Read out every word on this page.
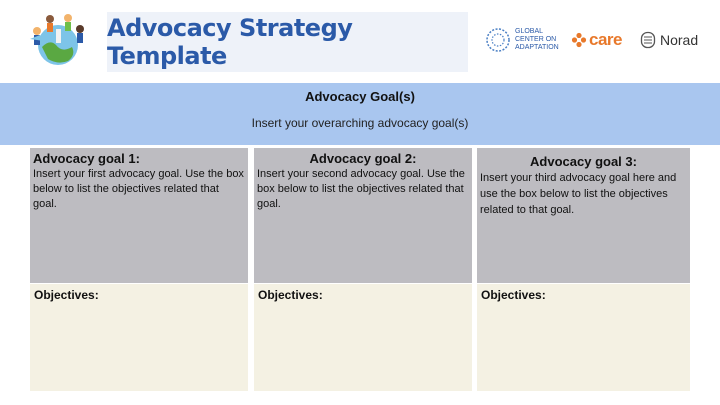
Advocacy Strategy Template
GLOBAL
CENTER ON
ADAPTATION care	Norad
Advocacy Goal(s)
Insert your overarching advocacy goal(s)
Advocacy goal 1:
Insert your first advocacy goal. Use the box below to list the objectives related that goal.
Objectives:
Advocacy goal 2:
Insert your second advocacy goal. Use the box below to list the objectives related that goal.
Objectives:
Advocacy goal 3:
Insert your third advocacy goal here and use the box below to list the objectives related to that goal.
Objectives:
